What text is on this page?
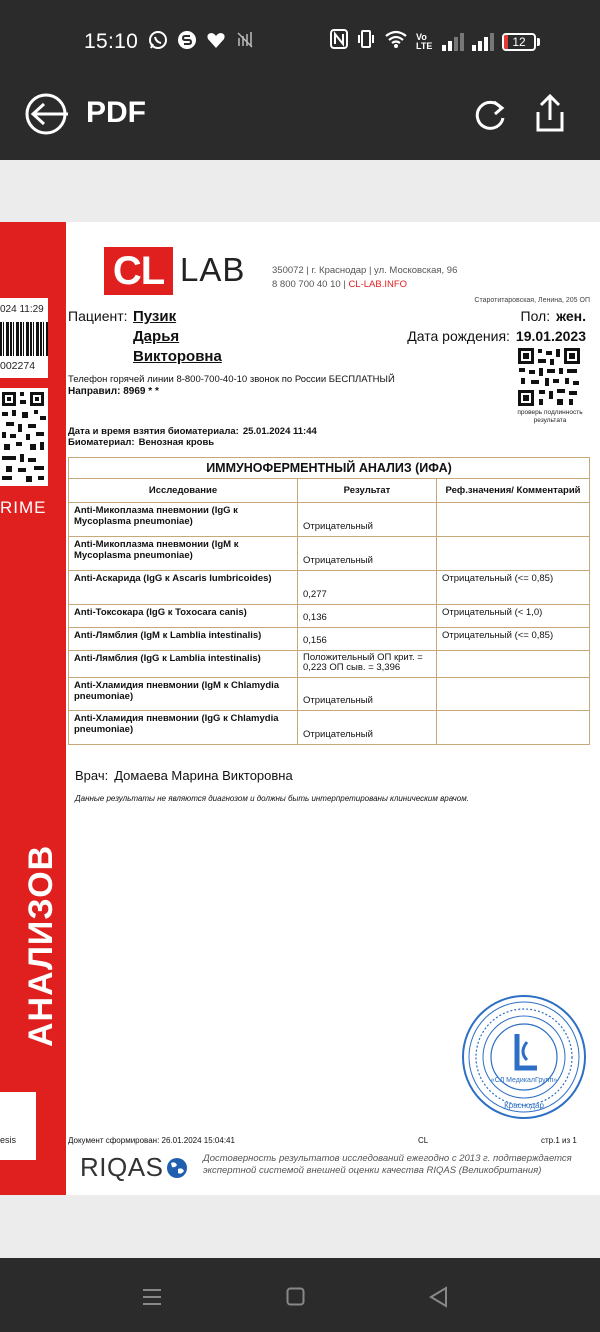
15:10	Vo LTE	12
PDF
024 11:29
002274
RIME
АНАЛИЗОВ
esis
CL LAB	350072 | г. Краснодар | ул. Московская, 96
8 800 700 40 10 | CL-LAB.INFO
Старотитаровская, Ленина, 205 ОП
Пациент: Пузик
Дарья
Викторовна
Пол: жен.
Дата рождения: 19.01.2023
проверь подлинность результата
Телефон горячей линии 8-800-700-40-10 звонок по России БЕСПЛАТНЫЙ
Направил: 8969 * *
Дата и время взятия биоматериала: 25.01.2024 11:44
Биоматериал: Венозная кровь
ИММУНОФЕРМЕНТНЫЙ АНАЛИЗ (ИФА)		
Исследование	Результат	Реф.значения/ Комментарий
Anti-Микоплазма пневмонии (IgG к Mycoplasma pneumoniae)	Отрицательный	
Anti-Микоплазма пневмонии (IgM к Mycoplasma pneumoniae)	Отрицательный	
Anti-Аскарида (IgG к Ascaris lumbricoides)	0,277	Отрицательный (<= 0,85)
Anti-Токсокара (IgG к Toxocara canis)	0,136	Отрицательный (< 1,0)
Anti-Лямблия (IgM к Lamblia intestinalis)	0,156	Отрицательный (<= 0,85)
Anti-Лямблия (IgG к Lamblia intestinalis)	Положительный ОП крит. = 0,223 ОП сыв. = 3,396	
Anti-Хламидия пневмонии (IgM к Chlamydia pneumoniae)	Отрицательный	
Anti-Хламидия пневмонии (IgG к Chlamydia pneumoniae)	Отрицательный	
Врач: Домаева Марина Викторовна
Данные результаты не являются диагнозом и должны быть интерпретированы клиническим врачом.
«СЛ МедикалГрупп»
Краснодар
Документ сформирован: 26.01.2024 15:04:41	CL	стр.1 из 1
RIQAS	Достоверность результатов исследований ежегодно с 2013 г. подтверждается экспертной системой внешней оценки качества RIQAS (Великобритания)
